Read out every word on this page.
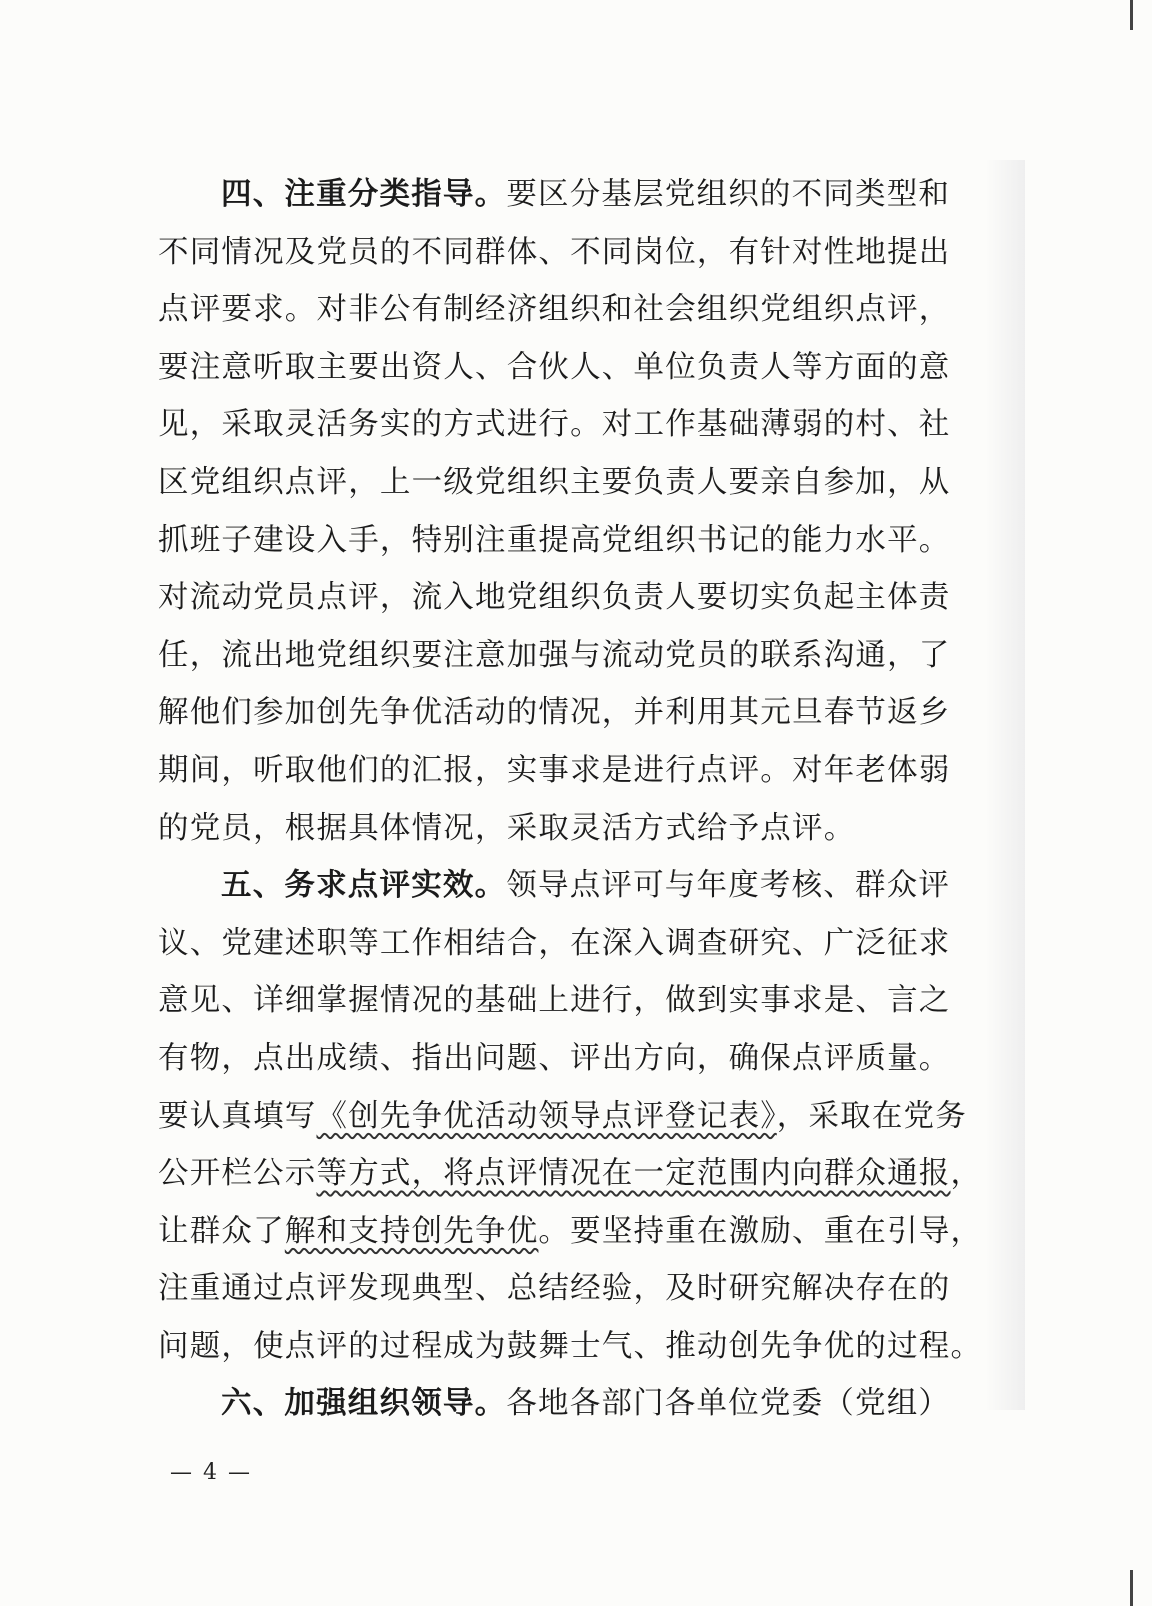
四、注重分类指导。要区分基层党组织的不同类型和
不同情况及党员的不同群体、不同岗位，有针对性地提出
点评要求。对非公有制经济组织和社会组织党组织点评，
要注意听取主要出资人、合伙人、单位负责人等方面的意
见，采取灵活务实的方式进行。对工作基础薄弱的村、社
区党组织点评，上一级党组织主要负责人要亲自参加，从
抓班子建设入手，特别注重提高党组织书记的能力水平。
对流动党员点评，流入地党组织负责人要切实负起主体责
任，流出地党组织要注意加强与流动党员的联系沟通，了
解他们参加创先争优活动的情况，并利用其元旦春节返乡
期间，听取他们的汇报，实事求是进行点评。对年老体弱
的党员，根据具体情况，采取灵活方式给予点评。
五、务求点评实效。领导点评可与年度考核、群众评
议、党建述职等工作相结合，在深入调查研究、广泛征求
意见、详细掌握情况的基础上进行，做到实事求是、言之
有物，点出成绩、指出问题、评出方向，确保点评质量。
要认真填写《创先争优活动领导点评登记表》，采取在党务
公开栏公示等方式，将点评情况在一定范围内向群众通报，
让群众了解和支持创先争优。要坚持重在激励、重在引导，
注重通过点评发现典型、总结经验，及时研究解决存在的
问题，使点评的过程成为鼓舞士气、推动创先争优的过程。
六、加强组织领导。各地各部门各单位党委（党组）
— 4 —
